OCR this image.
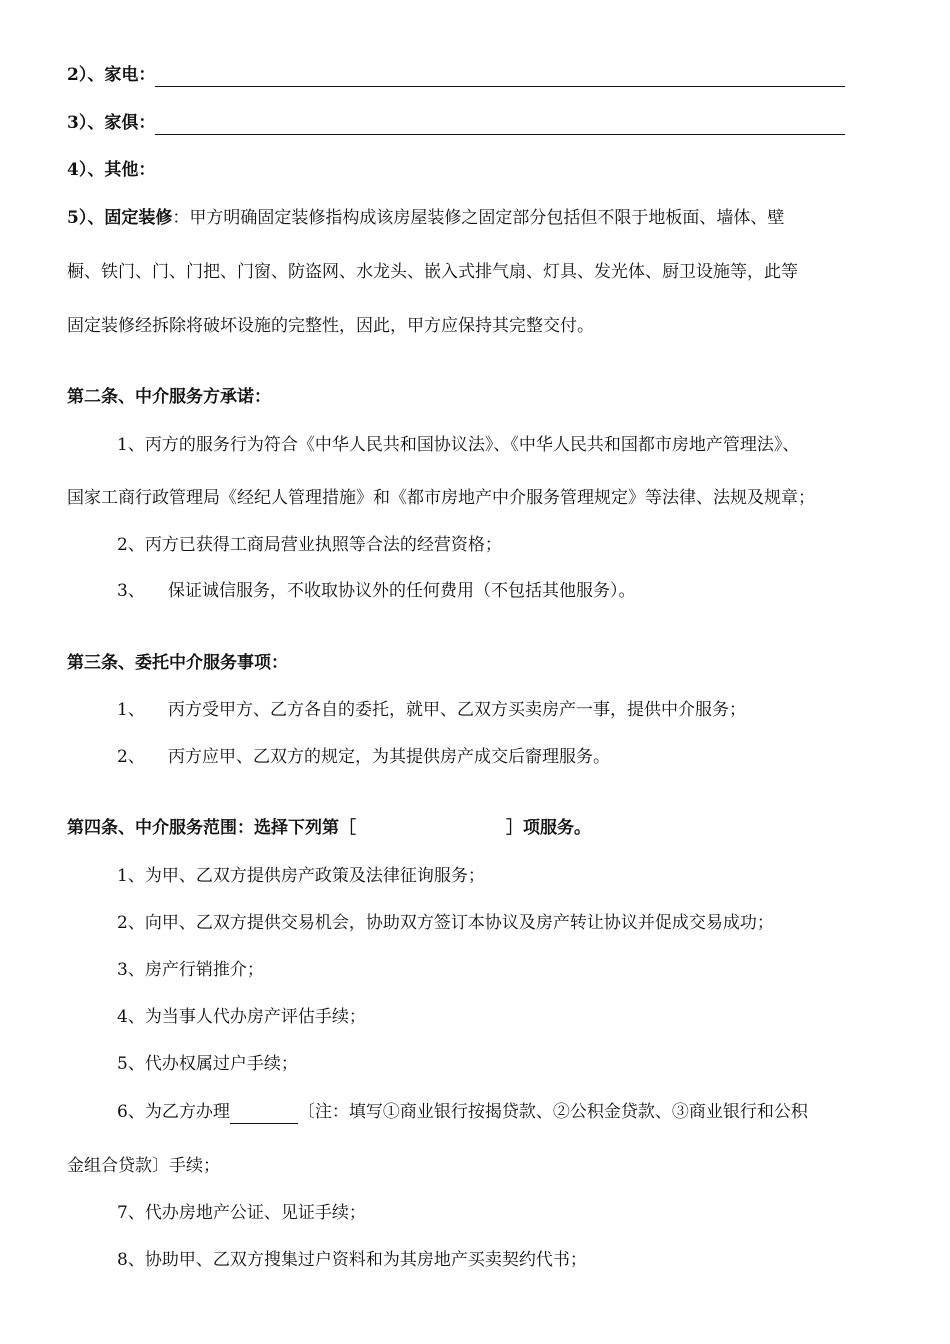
2）、家电：
3）、家俱：
4）、其他：
5）、固定装修：甲方明确固定装修指构成该房屋装修之固定部分包括但不限于地板面、墙体、壁
橱、铁门、门、门把、门窗、防盗网、水龙头、嵌入式排气扇、灯具、发光体、厨卫设施等，此等
固定装修经拆除将破坏设施的完整性，因此，甲方应保持其完整交付。
第二条、中介服务方承诺：
1、丙方的服务行为符合《中华人民共和国协议法》、《中华人民共和国都市房地产管理法》、
国家工商行政管理局《经纪人管理措施》和《都市房地产中介服务管理规定》等法律、法规及规章；
2、丙方已获得工商局营业执照等合法的经营资格；
3、 保证诚信服务，不收取协议外的任何费用（不包括其他服务）。
第三条、委托中介服务事项：
1、 丙方受甲方、乙方各自的委托，就甲、乙双方买卖房产一事，提供中介服务；
2、 丙方应甲、乙双方的规定，为其提供房产成交后窬理服务。
第四条、中介服务范围：选择下列第［	］项服务。
1、为甲、乙双方提供房产政策及法律征询服务；
2、向甲、乙双方提供交易机会，协助双方签订本协议及房产转让协议并促成交易成功；
3、房产行销推介；
4、为当事人代办房产评估手续；
5、代办权属过户手续；
6、为乙方办理	〔注：填写①商业银行按揭贷款、②公积金贷款、③商业银行和公积
金组合贷款〕手续；
7、代办房地产公证、见证手续；
8、协助甲、乙双方搜集过户资料和为其房地产买卖契约代书；
